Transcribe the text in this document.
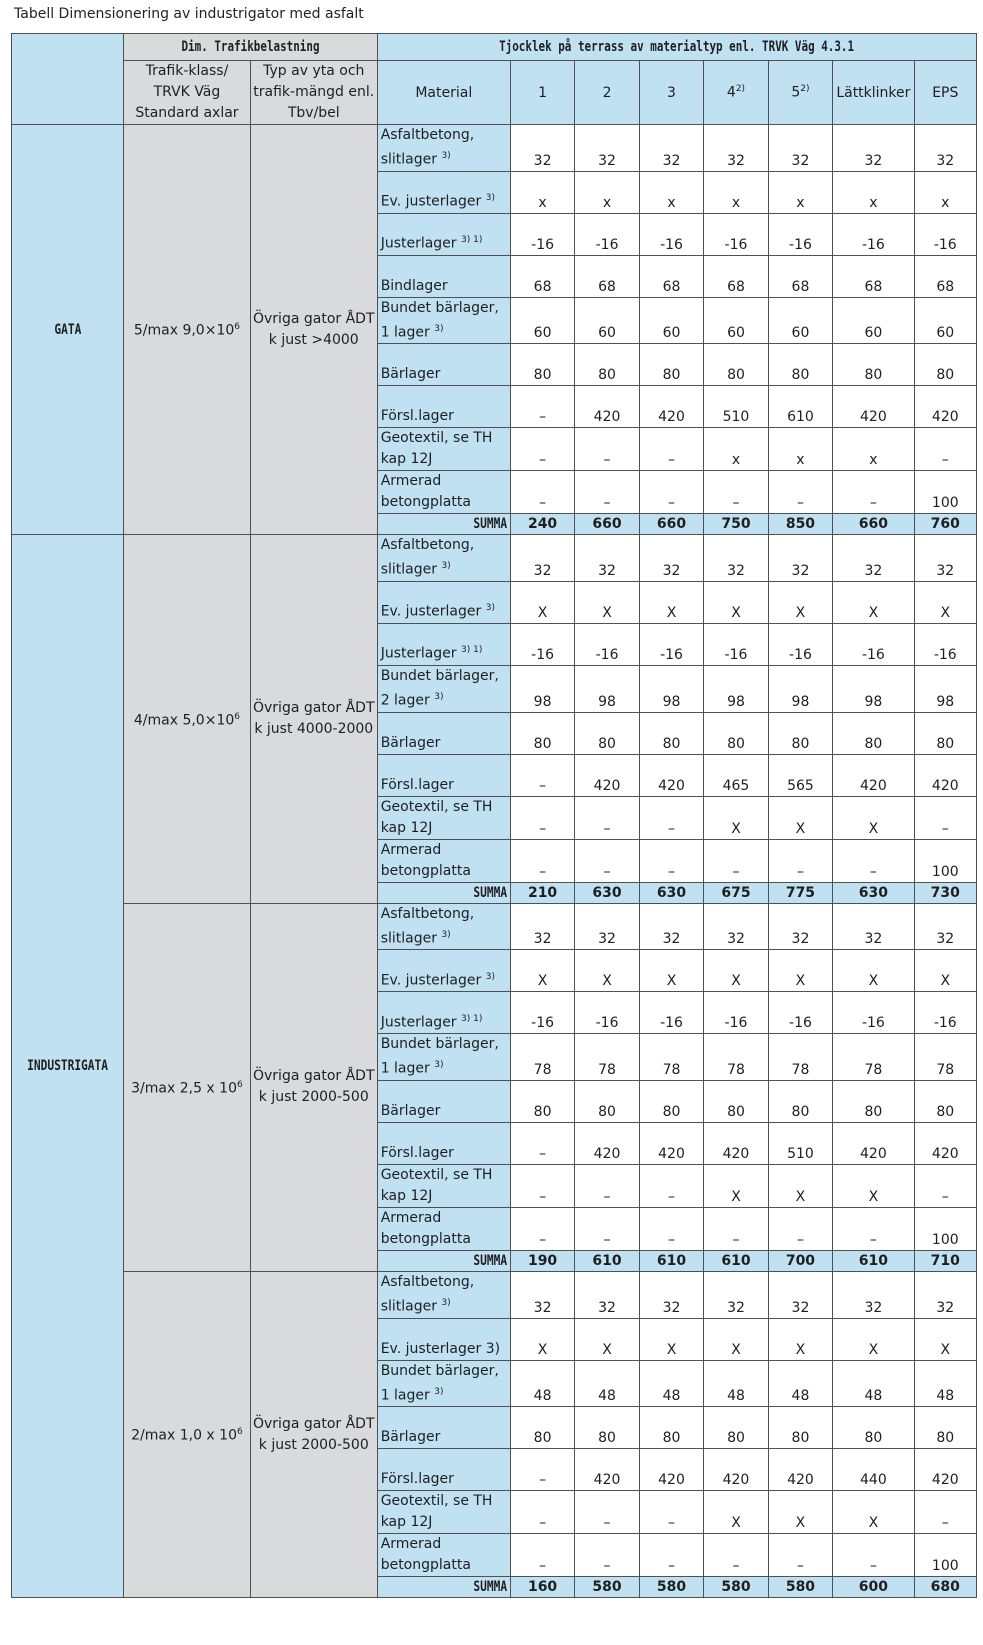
Tabell Dimensionering av industrigator med asfalt
	Dim. Trafikbelastning		Tjocklek på terrass av materialtyp enl. TRVK Väg 4.3.1							
	Trafik-klass/ TRVK Väg Standard axlar	Typ av yta och trafik-mängd enl. Tbv/bel	Material	1	2	3	4$^{2)}$	5$^{2)}$	Lättklinker	EPS
GATA	5/max $9,0\times 10^6$	Övriga gator ÅDT k just >4000	Asfaltbetong, slitlager $^{3)}$	32	32	32	32	32	32	32
			Ev. justerlager $^{3)}$	x	x	x	x	x	x	x
			Justerlager $^{3) 1)}$	-16	-16	-16	-16	-16	-16	-16
			Bindlager	68	68	68	68	68	68	68
			Bundet bärlager, 1 lager $^{3)}$	60	60	60	60	60	60	60
			Bärlager	80	80	80	80	80	80	80
			Försl.lager	–	420	420	510	610	420	420
			Geotextil, se TH kap 12J	–	–	–	x	x	x	–
			Armerad betongplatta	–	–	–	–	–	–	100
			SUMMA	240	660	660	750	850	660	760
INDUSTRIGATA	4/max $5,0\times 10^6$	Övriga gator ÅDT k just 4000-2000	Asfaltbetong, slitlager $^{3)}$	32	32	32	32	32	32	32
			Ev. justerlager $^{3)}$	X	X	X	X	X	X	X
			Justerlager $^{3) 1)}$	-16	-16	-16	-16	-16	-16	-16
			Bundet bärlager, 2 lager $^{3)}$	98	98	98	98	98	98	98
			Bärlager	80	80	80	80	80	80	80
			Försl.lager	–	420	420	465	565	420	420
			Geotextil, se TH kap 12J	–	–	–	X	X	X	–
			Armerad betongplatta	–	–	–	–	–	–	100
			SUMMA	210	630	630	675	775	630	730
	3/max 2,5 x $10^6$	Övriga gator ÅDT k just 2000-500	Asfaltbetong, slitlager $^{3)}$	32	32	32	32	32	32	32
			Ev. justerlager $^{3)}$	X	X	X	X	X	X	X
			Justerlager $^{3) 1)}$	-16	-16	-16	-16	-16	-16	-16
			Bundet bärlager, 1 lager $^{3)}$	78	78	78	78	78	78	78
			Bärlager	80	80	80	80	80	80	80
			Försl.lager	–	420	420	420	510	420	420
			Geotextil, se TH kap 12J	–	–	–	X	X	X	–
			Armerad betongplatta	–	–	–	–	–	–	100
			SUMMA	190	610	610	610	700	610	710
	2/max 1,0 x $10^6$	Övriga gator ÅDT k just 2000-500	Asfaltbetong, slitlager $^{3)}$	32	32	32	32	32	32	32
			Ev. justerlager 3)	X	X	X	X	X	X	X
			Bundet bärlager, 1 lager $^{3)}$	48	48	48	48	48	48	48
			Bärlager	80	80	80	80	80	80	80
			Försl.lager	–	420	420	420	420	440	420
			Geotextil, se TH kap 12J	–	–	–	X	X	X	–
			Armerad betongplatta	–	–	–	–	–	–	100
			SUMMA	160	580	580	580	580	600	680
